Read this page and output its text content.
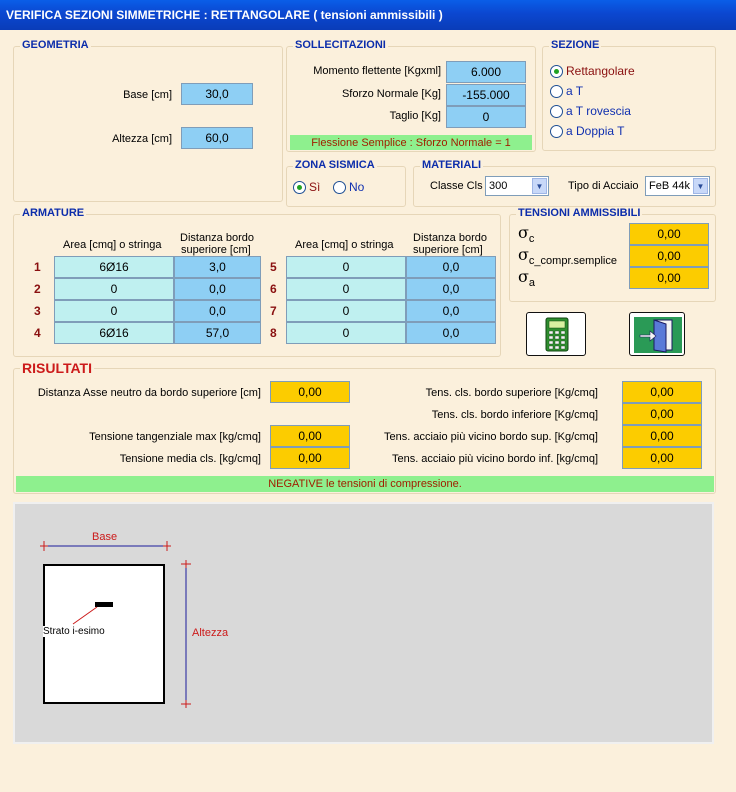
VERIFICA SEZIONI SIMMETRICHE : RETTANGOLARE ( tensioni ammissibili )
GEOMETRIA
Base [cm]	30,0
Altezza [cm]	60,0
SOLLECITAZIONI
Momento flettente [Kgxml]	6.000
Sforzo Normale [Kg]	-155.000
Taglio [Kg]	0
Flessione Semplice : Sforzo Normale = 1
SEZIONE
Rettangolare
a T
a T rovescia
a Doppia T
ZONA SISMICA
Sì No
MATERIALI
Classe Cls 300	▼	Tipo di Acciaio FeB 44k ▼
ARMATURE
Area [cmq] o stringa
Distanza bordo
superiore [cm]	Area [cmq] o stringa
Distanza bordo
superiore [cm]
1	6Ø16	3,0
2	0	0,0
3	0	0,0
4	6Ø16	57,0
5	0	0,0
6	0	0,0
7	0	0,0
8	0	0,0
TENSIONI AMMISSIBILI
$\sigma_c$	0,00
$\sigma_{c\_compr.semplice}$	0,00
$\sigma_a$	0,00
RISULTATI
Distanza Asse neutro da bordo superiore [cm]	0,00
Tensione tangenziale max [kg/cmq]	0,00
Tensione media cls. [kg/cmq]	0,00
Tens. cls. bordo superiore [Kg/cmq]	0,00
Tens. cls. bordo inferiore [Kg/cmq]	0,00
Tens. acciaio più vicino bordo sup. [Kg/cmq]	0,00
Tens. acciaio più vicino bordo inf. [kg/cmq]	0,00
NEGATIVE le tensioni di compressione.
Base
Altezza
Strato i-esimo
